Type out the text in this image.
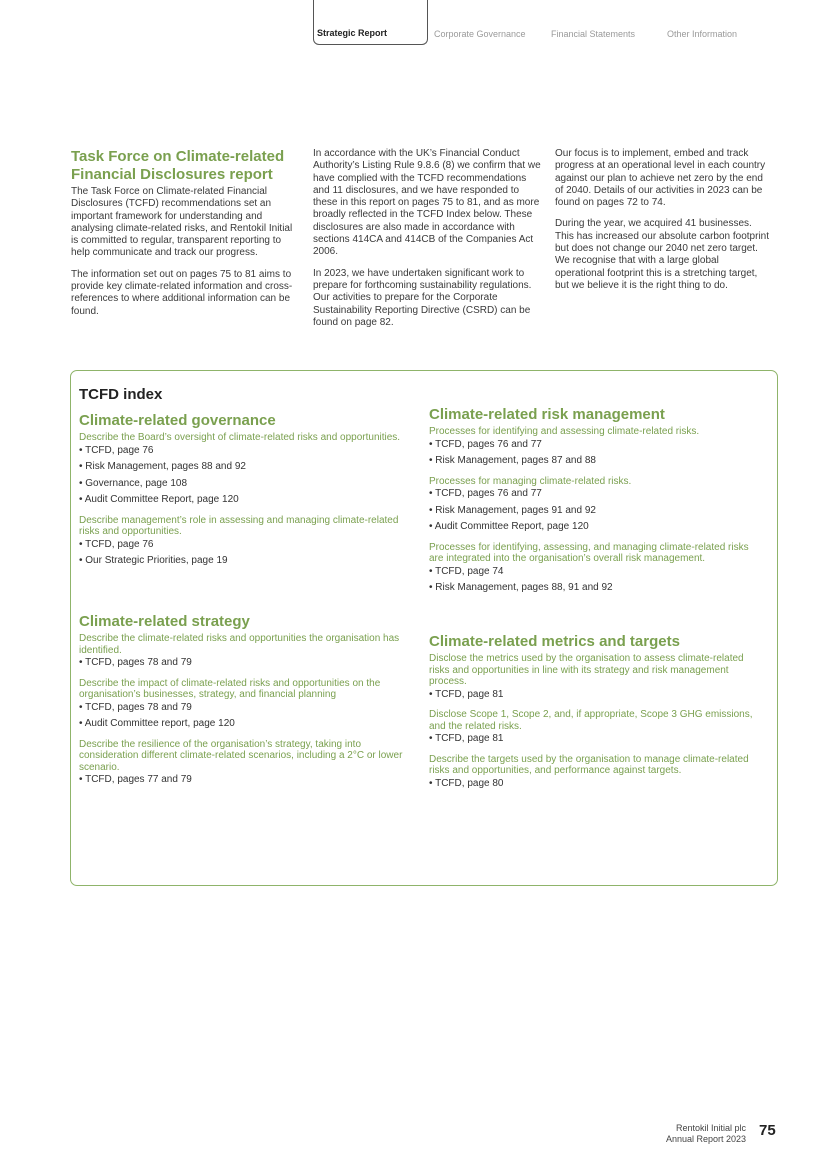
Strategic Report	Corporate Governance	Financial Statements	Other Information
Task Force on Climate-related Financial Disclosures report

The Task Force on Climate-related Financial Disclosures (TCFD) recommendations set an important framework for understanding and analysing climate-related risks, and Rentokil Initial is committed to regular, transparent reporting to help communicate and track our progress.

The information set out on pages 75 to 81 aims to provide key climate-related information and cross-references to where additional information can be found.

In accordance with the UK’s Financial Conduct Authority’s Listing Rule 9.8.6 (8) we confirm that we have complied with the TCFD recommendations and 11 disclosures, and we have responded to these in this report on pages 75 to 81, and as more broadly reflected in the TCFD Index below. These disclosures are also made in accordance with sections 414CA and 414CB of the Companies Act 2006.

In 2023, we have undertaken significant work to prepare for forthcoming sustainability regulations. Our activities to prepare for the Corporate Sustainability Reporting Directive (CSRD) can be found on page 82.

Our focus is to implement, embed and track progress at an operational level in each country against our plan to achieve net zero by the end of 2040. Details of our activities in 2023 can be found on pages 72 to 74.

During the year, we acquired 41 businesses. This has increased our absolute carbon footprint but does not change our 2040 net zero target. We recognise that with a large global operational footprint this is a stretching target, but we believe it is the right thing to do.

TCFD index
Climate-related governance
Describe the Board’s oversight of climate-related risks and opportunities.
• TCFD, page 76
• Risk Management, pages 88 and 92
• Governance, page 108
• Audit Committee Report, page 120
Describe management’s role in assessing and managing climate-related risks and opportunities.
• TCFD, page 76
• Our Strategic Priorities, page 19
Climate-related strategy
Describe the climate-related risks and opportunities the organisation has identified.
• TCFD, pages 78 and 79
Describe the impact of climate-related risks and opportunities on the organisation’s businesses, strategy, and financial planning
• TCFD, pages 78 and 79
• Audit Committee report, page 120
Describe the resilience of the organisation’s strategy, taking into consideration different climate-related scenarios, including a 2°C or lower scenario.
• TCFD, pages 77 and 79
Climate-related risk management
Processes for identifying and assessing climate-related risks.
• TCFD, pages 76 and 77
• Risk Management, pages 87 and 88
Processes for managing climate-related risks.
• TCFD, pages 76 and 77
• Risk Management, pages 91 and 92
• Audit Committee Report, page 120
Processes for identifying, assessing, and managing climate-related risks are integrated into the organisation’s overall risk management.
• TCFD, page 74
• Risk Management, pages 88, 91 and 92
Climate-related metrics and targets
Disclose the metrics used by the organisation to assess climate-related risks and opportunities in line with its strategy and risk management process.
• TCFD, page 81
Disclose Scope 1, Scope 2, and, if appropriate, Scope 3 GHG emissions, and the related risks.
• TCFD, page 81
Describe the targets used by the organisation to manage climate-related risks and opportunities, and performance against targets.
• TCFD, page 80
Rentokil Initial plc
Annual Report 2023 75
